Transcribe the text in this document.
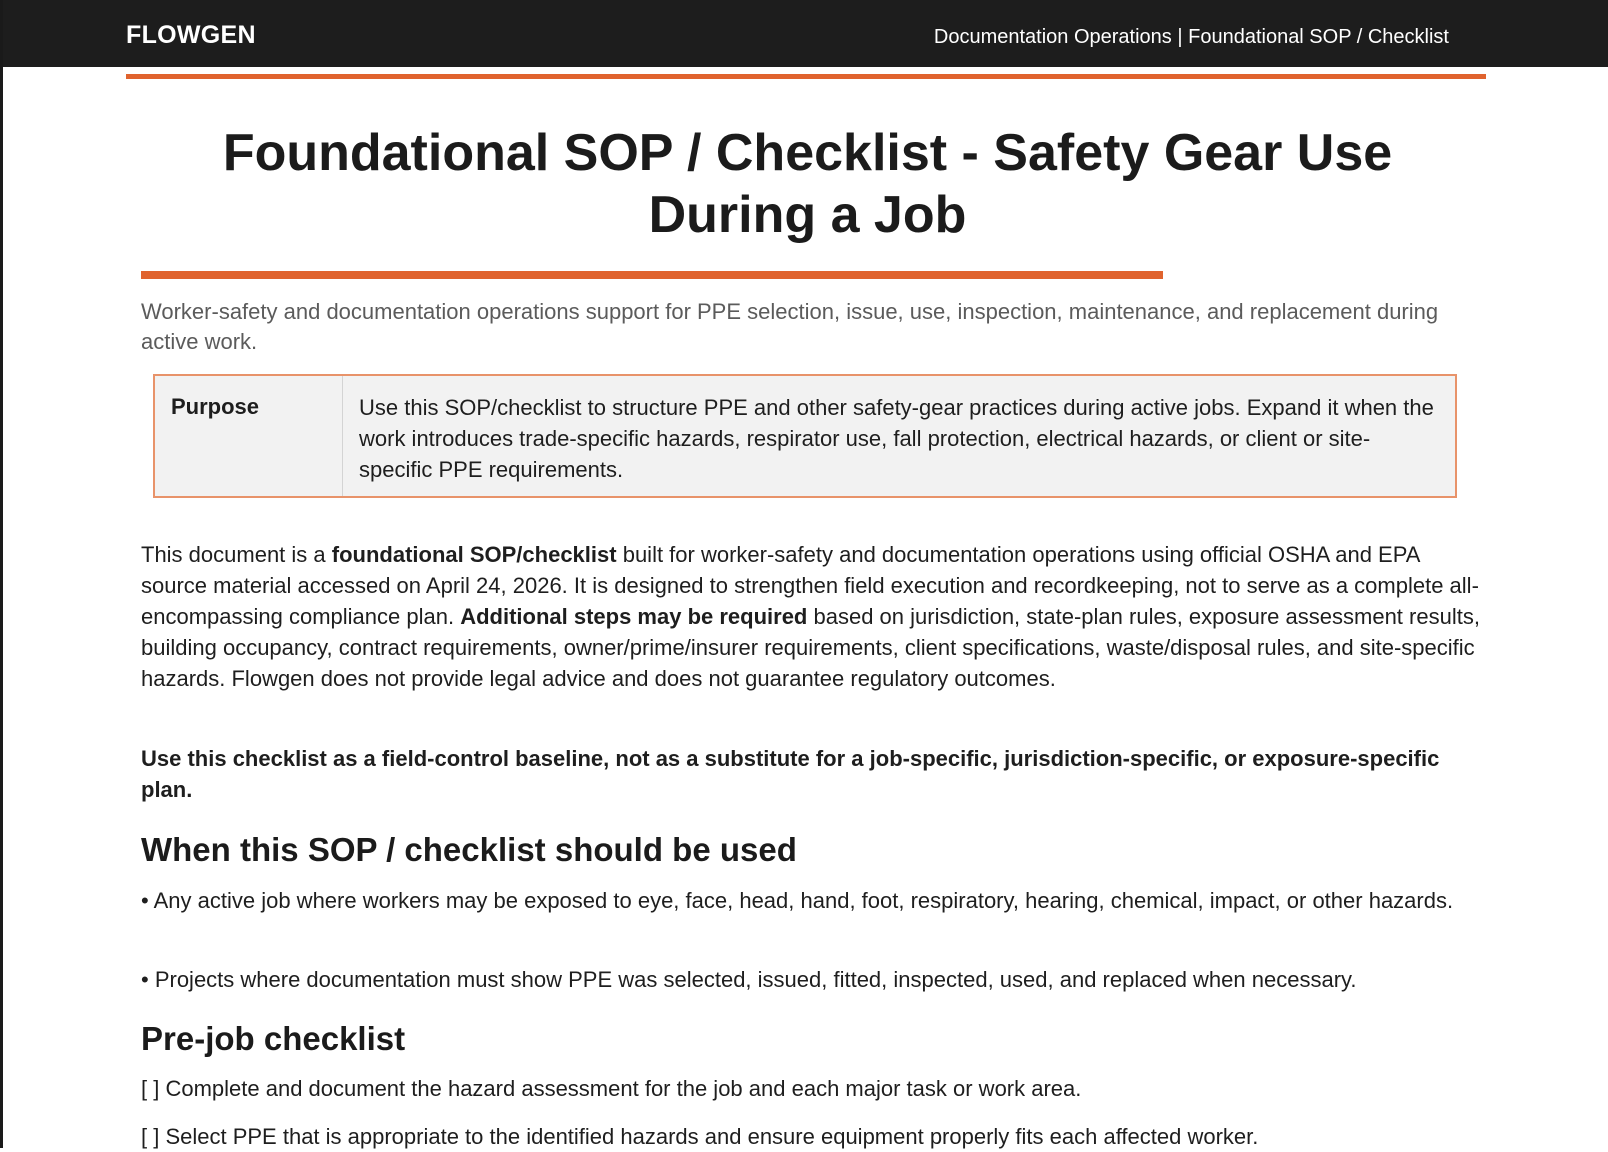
FLOWGEN	Documentation Operations | Foundational SOP / Checklist
Foundational SOP / Checklist - Safety Gear Use During a Job

Worker-safety and documentation operations support for PPE selection, issue, use, inspection, maintenance, and replacement during active work.

Purpose	Use this SOP/checklist to structure PPE and other safety-gear practices during active jobs. Expand it when the work introduces trade-specific hazards, respirator use, fall protection, electrical hazards, or client or site-specific PPE requirements.

This document is a foundational SOP/checklist built for worker-safety and documentation operations using official OSHA and EPA source material accessed on April 24, 2026. It is designed to strengthen field execution and recordkeeping, not to serve as a complete all-encompassing compliance plan. Additional steps may be required based on jurisdiction, state-plan rules, exposure assessment results, building occupancy, contract requirements, owner/prime/insurer requirements, client specifications, waste/disposal rules, and site-specific hazards. Flowgen does not provide legal advice and does not guarantee regulatory outcomes.

Use this checklist as a field-control baseline, not as a substitute for a job-specific, jurisdiction-specific, or exposure-specific plan.

When this SOP / checklist should be used

• Any active job where workers may be exposed to eye, face, head, hand, foot, respiratory, hearing, chemical, impact, or other hazards.

• Projects where documentation must show PPE was selected, issued, fitted, inspected, used, and replaced when necessary.

Pre-job checklist

[ ] Complete and document the hazard assessment for the job and each major task or work area.

[ ] Select PPE that is appropriate to the identified hazards and ensure equipment properly fits each affected worker.
